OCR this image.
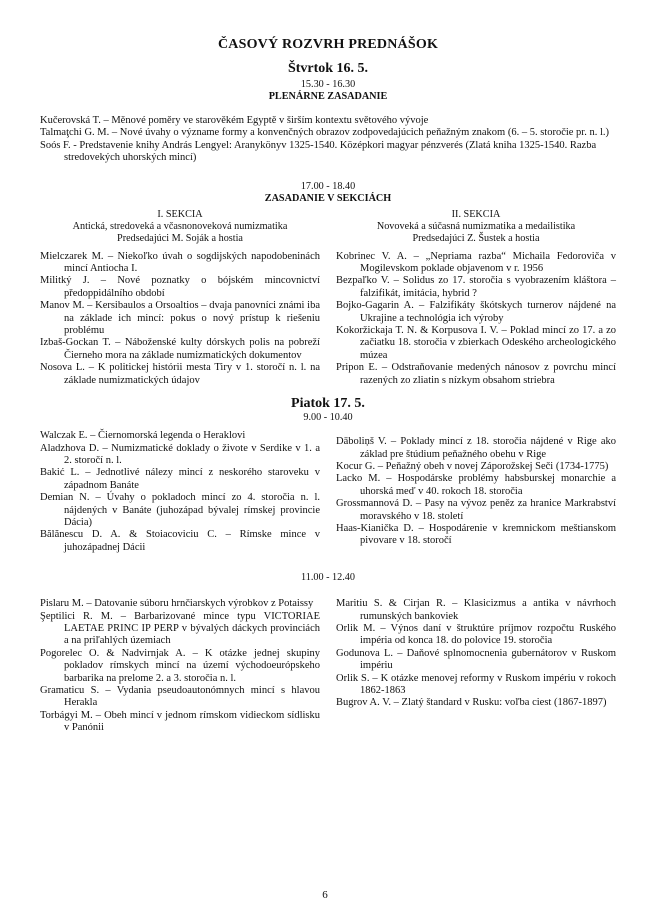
ČASOVÝ ROZVRH PREDNÁŠOK
Štvrtok 16. 5.
15.30 - 16.30
PLENÁRNE ZASADANIE

Kučerovská T. – Měnové poměry ve starověkém Egyptě v širším kontextu světového vývoje

Talmaţchi G. M. – Nové úvahy o význame formy a konvenčných obrazov zodpovedajúcich peňažným znakom (6. – 5. storočie pr. n. l.)

Soós F. - Predstavenie knihy András Lengyel: Aranykönyv 1325-1540. Középkori magyar pénzverés (Zlatá kniha 1325-1540. Razba stredovekých uhorských mincí)

17.00 - 18.40
ZASADANIE V SEKCIÁCH
I. SEKCIA
Antická, stredoveká a včasnonoveková numizmatika
Predsedajúci M. Soják a hostia

Mielczarek M. – Niekoľko úvah o sogdijských napodobeninách mincí Antiocha I.

Militký J. – Nové poznatky o bójském mincovnictví předoppidálního období

Manov M. – Kersibaulos a Orsoaltios – dvaja panovníci známi iba na základe ich mincí: pokus o nový prístup k riešeniu problému

Izbaš-Gockan T. – Náboženské kulty dórskych polis na pobreží Čierneho mora na základe numizmatických dokumentov

Nosova L. – K politickej histórii mesta Tiry v 1. storočí n. l. na základe numizmatických údajov

II. SEKCIA
Novoveká a súčasná numizmatika a medailistika
Predsedajúci Z. Šustek a hostia

Kobrinec V. A. – „Nepriama razba“ Michaila Fedoroviča v Mogilevskom poklade objavenom v r. 1956

Bezpaľko V. – Solidus zo 17. storočia s vyobrazením kláštora – falzifikát, imitácia, hybrid ?

Bojko-Gagarin A. – Falzifikáty škótskych turnerov nájdené na Ukrajine a technológia ich výroby

Kokoržickaja T. N. & Korpusova I. V. – Poklad mincí zo 17. a zo začiatku 18. storočia v zbierkach Odeského archeologického múzea

Pripon E. – Odstraňovanie medených nánosov z povrchu mincí razených zo zliatin s nízkym obsahom striebra

Piatok 17. 5.
9.00 - 10.40

Walczak E. – Čiernomorská legenda o Heraklovi

Aladzhova D. – Numizmatické doklady o živote v Serdike v 1. a 2. storočí n. l.

Bakić L. – Jednotlivé nálezy mincí z neskorého staroveku v západnom Banáte

Demian N. – Úvahy o pokladoch mincí zo 4. storočia n. l. nájdených v Banáte (juhozápad bývalej rímskej provincie Dácia)

Bălănescu D. A. & Stoiacoviciu C. – Rímske mince v juhozápadnej Dácii

Dāboliņš V. – Poklady mincí z 18. storočia nájdené v Rige ako základ pre štúdium peňažného obehu v Rige

Kocur G. – Peňažný obeh v novej Záporožskej Seči (1734-1775)

Lacko M. – Hospodárske problémy habsburskej monarchie a uhorská meď v 40. rokoch 18. storočia

Grossmannová D. – Pasy na vývoz peněz za hranice Markrabství moravského v 18. století

Haas-Kianička D. – Hospodárenie v kremnickom meštianskom pivovare v 18. storočí

11.00 - 12.40

Pislaru M. – Datovanie súboru hrnčiarskych výrobkov z Potaissy

Şeptilici R. M. – Barbarizované mince typu VICTORIAE LAETAE PRINC IP PERP v bývalých dáckych provinciách a na priľahlých územiach

Pogorelec O. & Nadvirnjak A. – K otázke jednej skupiny pokladov rímskych mincí na území východoeurópskeho barbarika na prelome 2. a 3. storočia n. l.

Gramaticu S. – Vydania pseudoautonómnych mincí s hlavou Herakla

Torbágyi M. – Obeh mincí v jednom rímskom vidieckom sídlisku v Panónii

Maritiu S. & Cirjan R. – Klasicizmus a antika v návrhoch rumunských bankoviek

Orlik M. – Výnos daní v štruktúre príjmov rozpočtu Ruského impéria od konca 18. do polovice 19. storočia

Godunova L. – Daňové splnomocnenia gubernátorov v Ruskom impériu

Orlik S. – K otázke menovej reformy v Ruskom impériu v rokoch 1862-1863

Bugrov A. V. – Zlatý štandard v Rusku: voľba ciest (1867-1897)

6
